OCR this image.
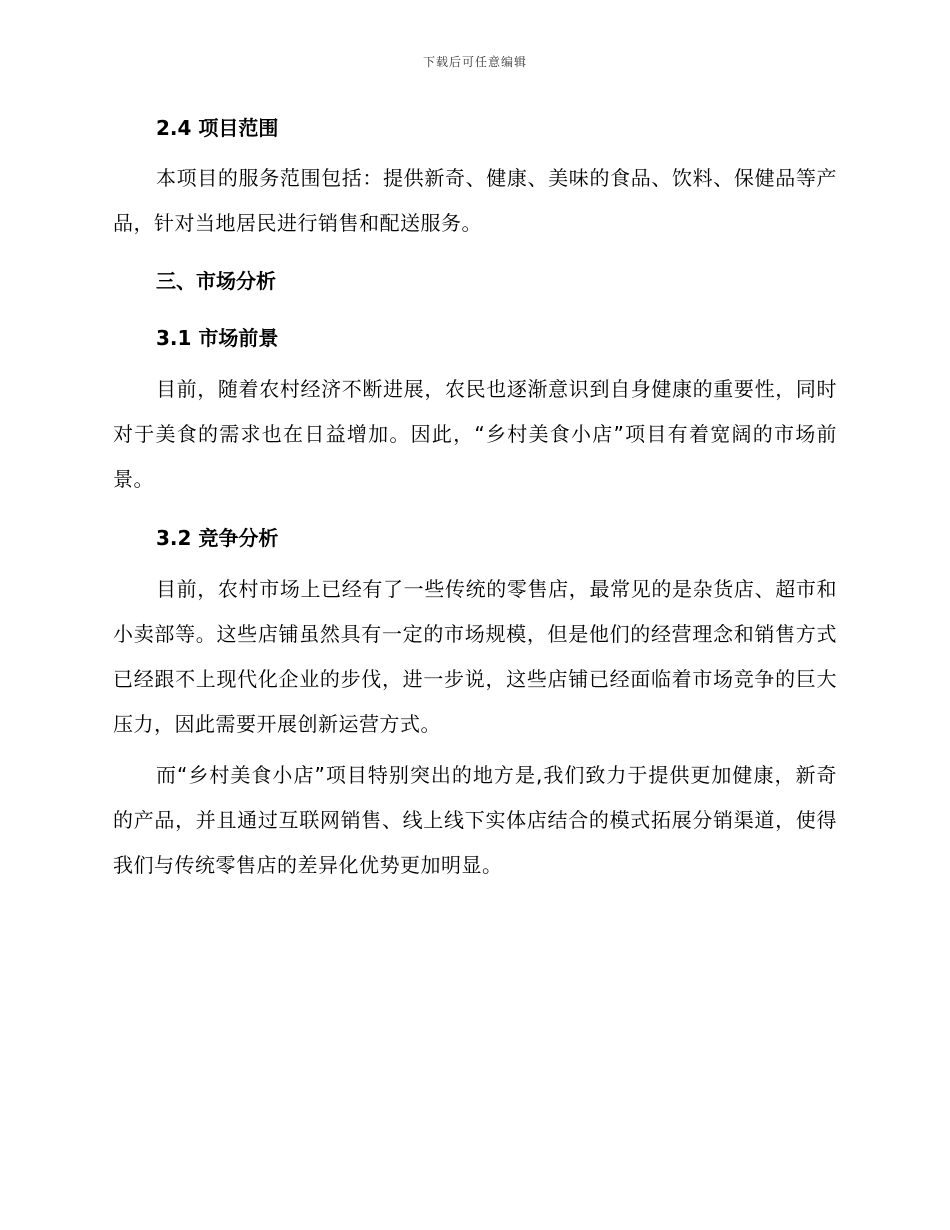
下载后可任意编辑
2.4 项目范围

本项目的服务范围包括：提供新奇、健康、美味的食品、饮料、保健品等产品，针对当地居民进行销售和配送服务。

三、市场分析
3.1 市场前景

目前，随着农村经济不断进展，农民也逐渐意识到自身健康的重要性，同时对于美食的需求也在日益增加。因此，“乡村美食小店”项目有着宽阔的市场前景。

3.2 竞争分析

目前，农村市场上已经有了一些传统的零售店，最常见的是杂货店、超市和小卖部等。这些店铺虽然具有一定的市场规模，但是他们的经营理念和销售方式已经跟不上现代化企业的步伐，进一步说，这些店铺已经面临着市场竞争的巨大压力，因此需要开展创新运营方式。

而“乡村美食小店”项目特别突出的地方是,我们致力于提供更加健康，新奇的产品，并且通过互联网销售、线上线下实体店结合的模式拓展分销渠道，使得我们与传统零售店的差异化优势更加明显。
